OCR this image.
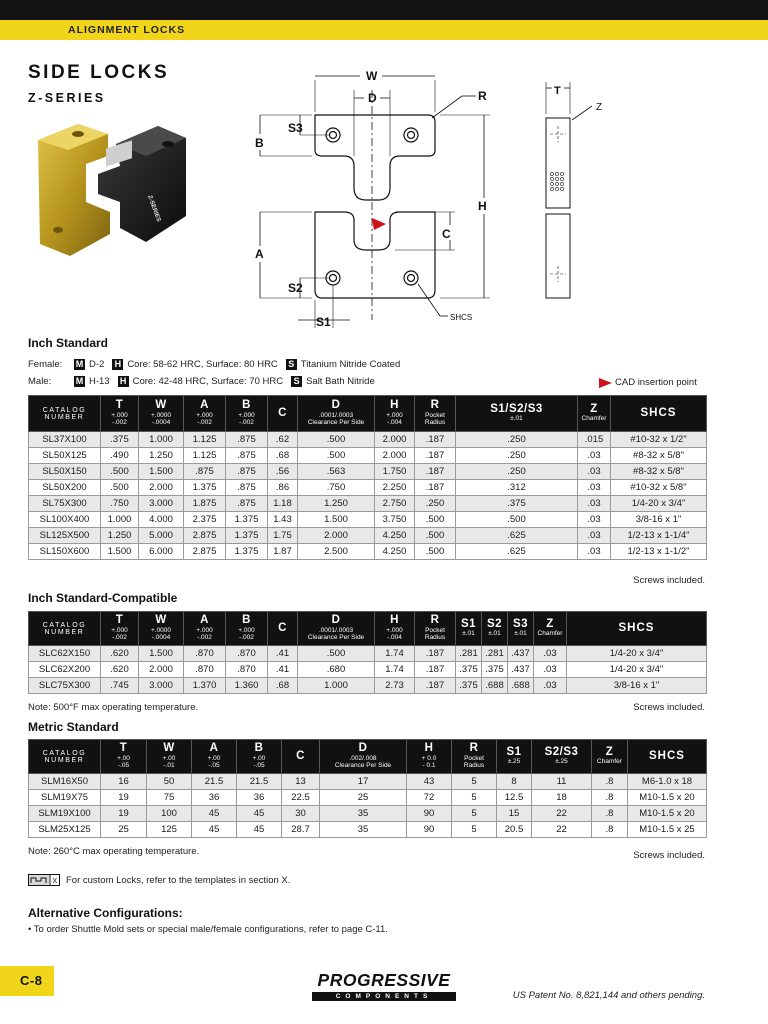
ALIGNMENT LOCKS
SIDE LOCKS
Z-SERIES
Z-SERIES
W
D	R
S3
B
H
C
A
S2
S1	SHCS
T
Z
Inch Standard
Female:	M D-2 H Core: 58-62 HRC, Surface: 80 HRC S Titanium Nitride Coated
Male:	M H-13 H Core: 42-48 HRC, Surface: 70 HRC S Salt Bath Nitride	CAD insertion point
CATALOG
NUMBER	T
+.000
-.002	W
+.0000
-.0004	A
+.000
-.002	B
+.000
-.002	C	D
.0001/.0003
Clearance Per Side	H
+.000
-.004	R
Pocket
Radius	S1/S2/S3
±.01	Z
Chamfer	SHCS
SL37X100	.375	1.000	1.125	.875	.62	.500	2.000	.187	.250	.015	#10-32 x 1/2"
SL50X125	.490	1.250	1.125	.875	.68	.500	2.000	.187	.250	.03	#8-32 x 5/8"
SL50X150	.500	1.500	.875	.875	.56	.563	1.750	.187	.250	.03	#8-32 x 5/8"
SL50X200	.500	2.000	1.375	.875	.86	.750	2.250	.187	.312	.03	#10-32 x 5/8"
SL75X300	.750	3.000	1.875	.875	1.18	1.250	2.750	.250	.375	.03	1/4-20 x 3/4"
SL100X400	1.000	4.000	2.375	1.375	1.43	1.500	3.750	.500	.500	.03	3/8-16 x 1"
SL125X500	1.250	5.000	2.875	1.375	1.75	2.000	4.250	.500	.625	.03	1/2-13 x 1-1/4"
SL150X600	1.500	6.000	2.875	1.375	1.87	2.500	4.250	.500	.625	.03	1/2-13 x 1-1/2"
Screws included.
Inch Standard-Compatible
CATALOG
NUMBER	T
+.000
-.002	W
+.0000
-.0004	A
+.000
-.002	B
+.000
-.002	C	D
.0001/.0003
Clearance Per Side	H
+.000
-.004	R
Pocket
Radius	S1
±.01	S2
±.01	S3
±.01	Z
Chamfer	SHCS
SLC62X150	.620	1.500	.870	.870	.41	.500	1.74	.187	.281	.281	.437	.03	1/4-20 x 3/4"
SLC62X200	.620	2.000	.870	.870	.41	.680	1.74	.187	.375	.375	.437	.03	1/4-20 x 3/4"
SLC75X300	.745	3.000	1.370	1.360	.68	1.000	2.73	.187	.375	.688	.688	.03	3/8-16 x 1"
Note: 500°F max operating temperature.	Screws included.
Metric Standard
CATALOG
NUMBER	T
+.00
-.05	W
+.00
-.01	A
+.00
-.05	B
+.00
-.05	C	D
.002/.008
Clearance Per Side	H
+ 0.0
- 0.1	R
Pocket
Radius	S1
±.25	S2/S3
±.25	Z
Chamfer	SHCS
SLM16X50	16	50	21.5	21.5	13	17	43	5	8	11	.8	M6-1.0 x 18
SLM19X75	19	75	36	36	22.5	25	72	5	12.5	18	.8	M10-1.5 x 20
SLM19X100	19	100	45	45	30	35	90	5	15	22	.8	M10-1.5 x 20
SLM25X125	25	125	45	45	28.7	35	90	5	20.5	22	.8	M10-1.5 x 25
Note: 260°C max operating temperature.	Screws included.
X For custom Locks, refer to the templates in section X.
Alternative Configurations:
• To order Shuttle Mold sets or special male/female configurations, refer to page C-11.
C-8	PROGRESSIVE
COMPONENTS	US Patent No. 8,821,144 and others pending.
